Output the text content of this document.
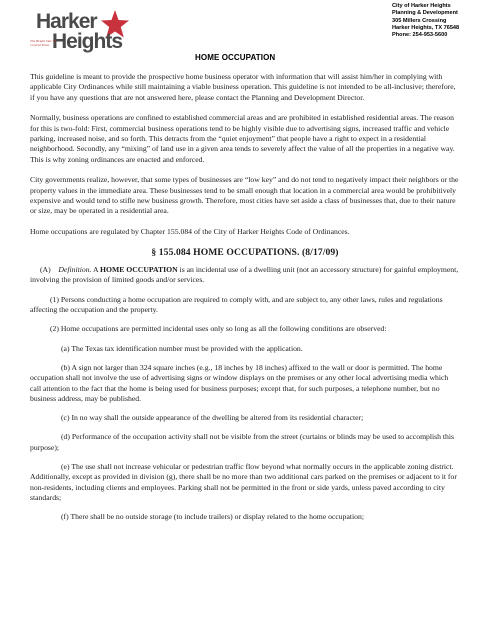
Harker
Heights
The Bright Star Of Central Texas
City of Harker Heights
Planning & Development
305 Millers Crossing
Harker Heights, TX 76548
Phone: 254-953-5600
HOME OCCUPATION

This guideline is meant to provide the prospective home business operator with information that will assist him/her in complying with applicable City Ordinances while still maintaining a viable business operation. This guideline is not intended to be all-inclusive; therefore, if you have any questions that are not answered here, please contact the Planning and Development Director.

Normally, business operations are confined to established commercial areas and are prohibited in established residential areas. The reason for this is two-fold: First, commercial business operations tend to be highly visible due to advertising signs, increased traffic and vehicle parking, increased noise, and so forth. This detracts from the “quiet enjoyment” that people have a right to expect in a residential neighborhood. Secondly, any “mixing” of land use in a given area tends to severely affect the value of all the properties in a negative way. This is why zoning ordinances are enacted and enforced.

City governments realize, however, that some types of businesses are “low key” and do not tend to negatively impact their neighbors or the property values in the immediate area. These businesses tend to be small enough that location in a commercial area would be prohibitively expensive and would tend to stifle new business growth. Therefore, most cities have set aside a class of businesses that, due to their nature or size, may be operated in a residential area.

Home occupations are regulated by Chapter 155.084 of the City of Harker Heights Code of Ordinances.

§ 155.084 HOME OCCUPATIONS. (8/17/09)

(A) Definition. A HOME OCCUPATION is an incidental use of a dwelling unit (not an accessory structure) for gainful employment, involving the provision of limited goods and/or services.

(1) Persons conducting a home occupation are required to comply with, and are subject to, any other laws, rules and regulations affecting the occupation and the property.

(2) Home occupations are permitted incidental uses only so long as all the following conditions are observed:

(a) The Texas tax identification number must be provided with the application.

(b) A sign not larger than 324 square inches (e.g., 18 inches by 18 inches) affixed to the wall or door is permitted. The home occupation shall not involve the use of advertising signs or window displays on the premises or any other local advertising media which call attention to the fact that the home is being used for business purposes; except that, for such purposes, a telephone number, but no business address, may be published.

(c) In no way shall the outside appearance of the dwelling be altered from its residential character;

(d) Performance of the occupation activity shall not be visible from the street (curtains or blinds may be used to accomplish this purpose);

(e) The use shall not increase vehicular or pedestrian traffic flow beyond what normally occurs in the applicable zoning district. Additionally, except as provided in division (g), there shall be no more than two additional cars parked on the premises or adjacent to it for non-residents, including clients and employees. Parking shall not be permitted in the front or side yards, unless paved according to city standards;

(f) There shall be no outside storage (to include trailers) or display related to the home occupation;
